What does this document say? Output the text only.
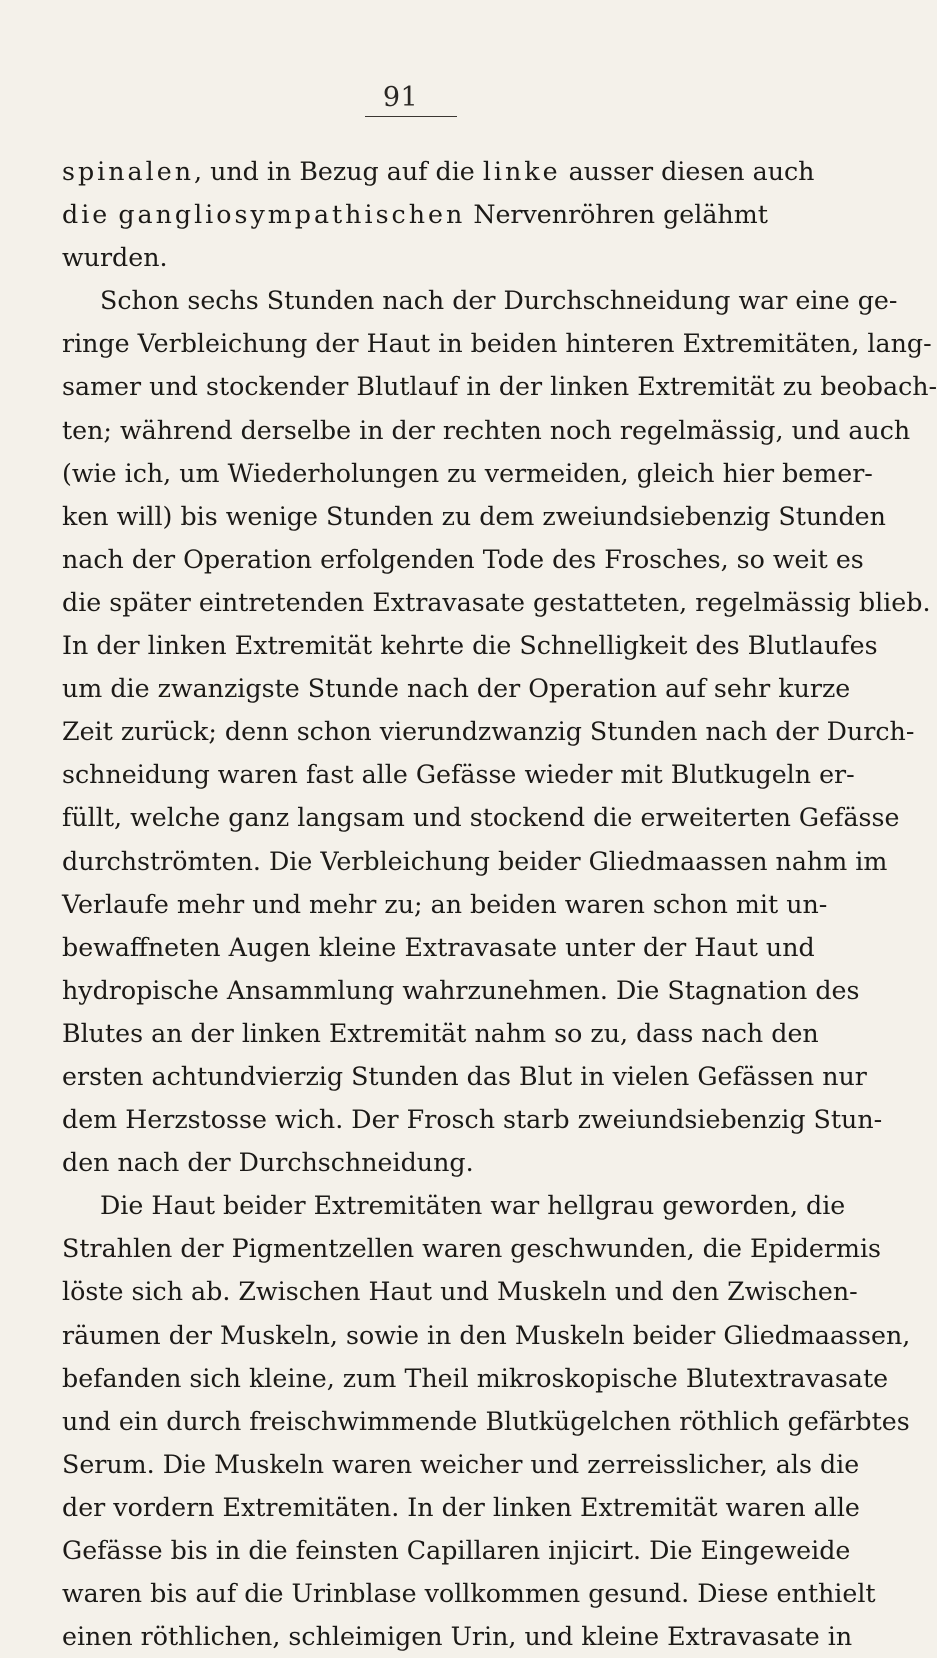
91
spinalen, und in Bezug auf die linke ausser diesen auch
die gangliosympathischen Nervenröhren gelähmt
wurden.
Schon sechs Stunden nach der Durchschneidung war eine ge-
ringe Verbleichung der Haut in beiden hinteren Extremitäten, lang-
samer und stockender Blutlauf in der linken Extremität zu beobach-
ten; während derselbe in der rechten noch regelmässig, und auch
(wie ich, um Wiederholungen zu vermeiden, gleich hier bemer-
ken will) bis wenige Stunden zu dem zweiundsiebenzig Stunden
nach der Operation erfolgenden Tode des Frosches, so weit es
die später eintretenden Extravasate gestatteten, regelmässig blieb.
In der linken Extremität kehrte die Schnelligkeit des Blutlaufes
um die zwanzigste Stunde nach der Operation auf sehr kurze
Zeit zurück; denn schon vierundzwanzig Stunden nach der Durch-
schneidung waren fast alle Gefässe wieder mit Blutkugeln er-
füllt, welche ganz langsam und stockend die erweiterten Gefässe
durchströmten. Die Verbleichung beider Gliedmaassen nahm im
Verlaufe mehr und mehr zu; an beiden waren schon mit un-
bewaffneten Augen kleine Extravasate unter der Haut und
hydropische Ansammlung wahrzunehmen. Die Stagnation des
Blutes an der linken Extremität nahm so zu, dass nach den
ersten achtundvierzig Stunden das Blut in vielen Gefässen nur
dem Herzstosse wich. Der Frosch starb zweiundsiebenzig Stun-
den nach der Durchschneidung.
Die Haut beider Extremitäten war hellgrau geworden, die
Strahlen der Pigmentzellen waren geschwunden, die Epidermis
löste sich ab. Zwischen Haut und Muskeln und den Zwischen-
räumen der Muskeln, sowie in den Muskeln beider Gliedmaassen,
befanden sich kleine, zum Theil mikroskopische Blutextravasate
und ein durch freischwimmende Blutkügelchen röthlich gefärbtes
Serum. Die Muskeln waren weicher und zerreisslicher, als die
der vordern Extremitäten. In der linken Extremität waren alle
Gefässe bis in die feinsten Capillaren injicirt. Die Eingeweide
waren bis auf die Urinblase vollkommen gesund. Diese enthielt
einen röthlichen, schleimigen Urin, und kleine Extravasate in
